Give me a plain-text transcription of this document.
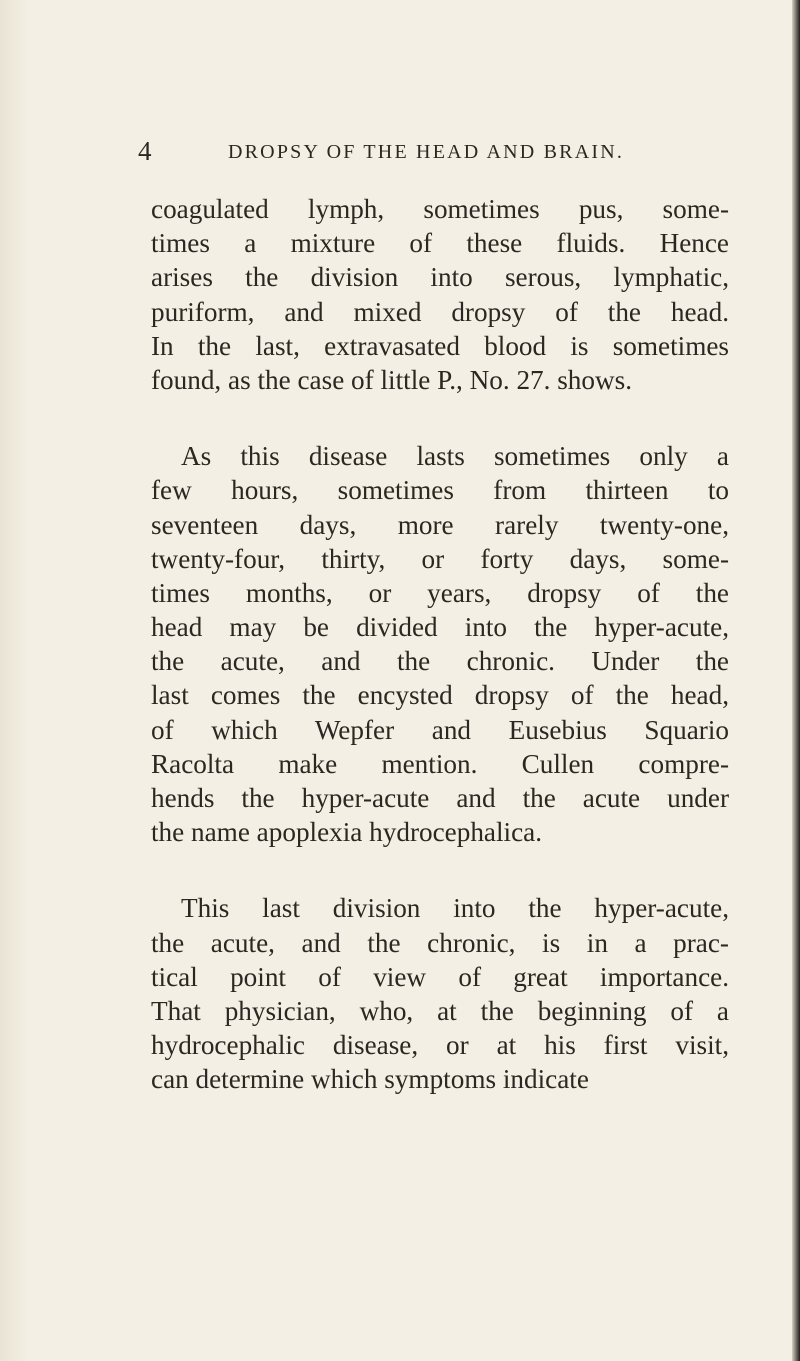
4	DROPSY OF THE HEAD AND BRAIN.

coagulated lymph, sometimes pus, some-
times a mixture of these fluids. Hence
arises the division into serous, lymphatic,
puriform, and mixed dropsy of the head.
In the last, extravasated blood is sometimes
found, as the case of little P., No. 27. shows.

As this disease lasts sometimes only a
few hours, sometimes from thirteen to
seventeen days, more rarely twenty-one,
twenty-four, thirty, or forty days, some-
times months, or years, dropsy of the
head may be divided into the hyper-acute,
the acute, and the chronic. Under the
last comes the encysted dropsy of the head,
of which Wepfer and Eusebius Squario
Racolta make mention. Cullen compre-
hends the hyper-acute and the acute under
the name apoplexia hydrocephalica.

This last division into the hyper-acute,
the acute, and the chronic, is in a prac-
tical point of view of great importance.
That physician, who, at the beginning of a
hydrocephalic disease, or at his first visit,
can determine which symptoms indicate
